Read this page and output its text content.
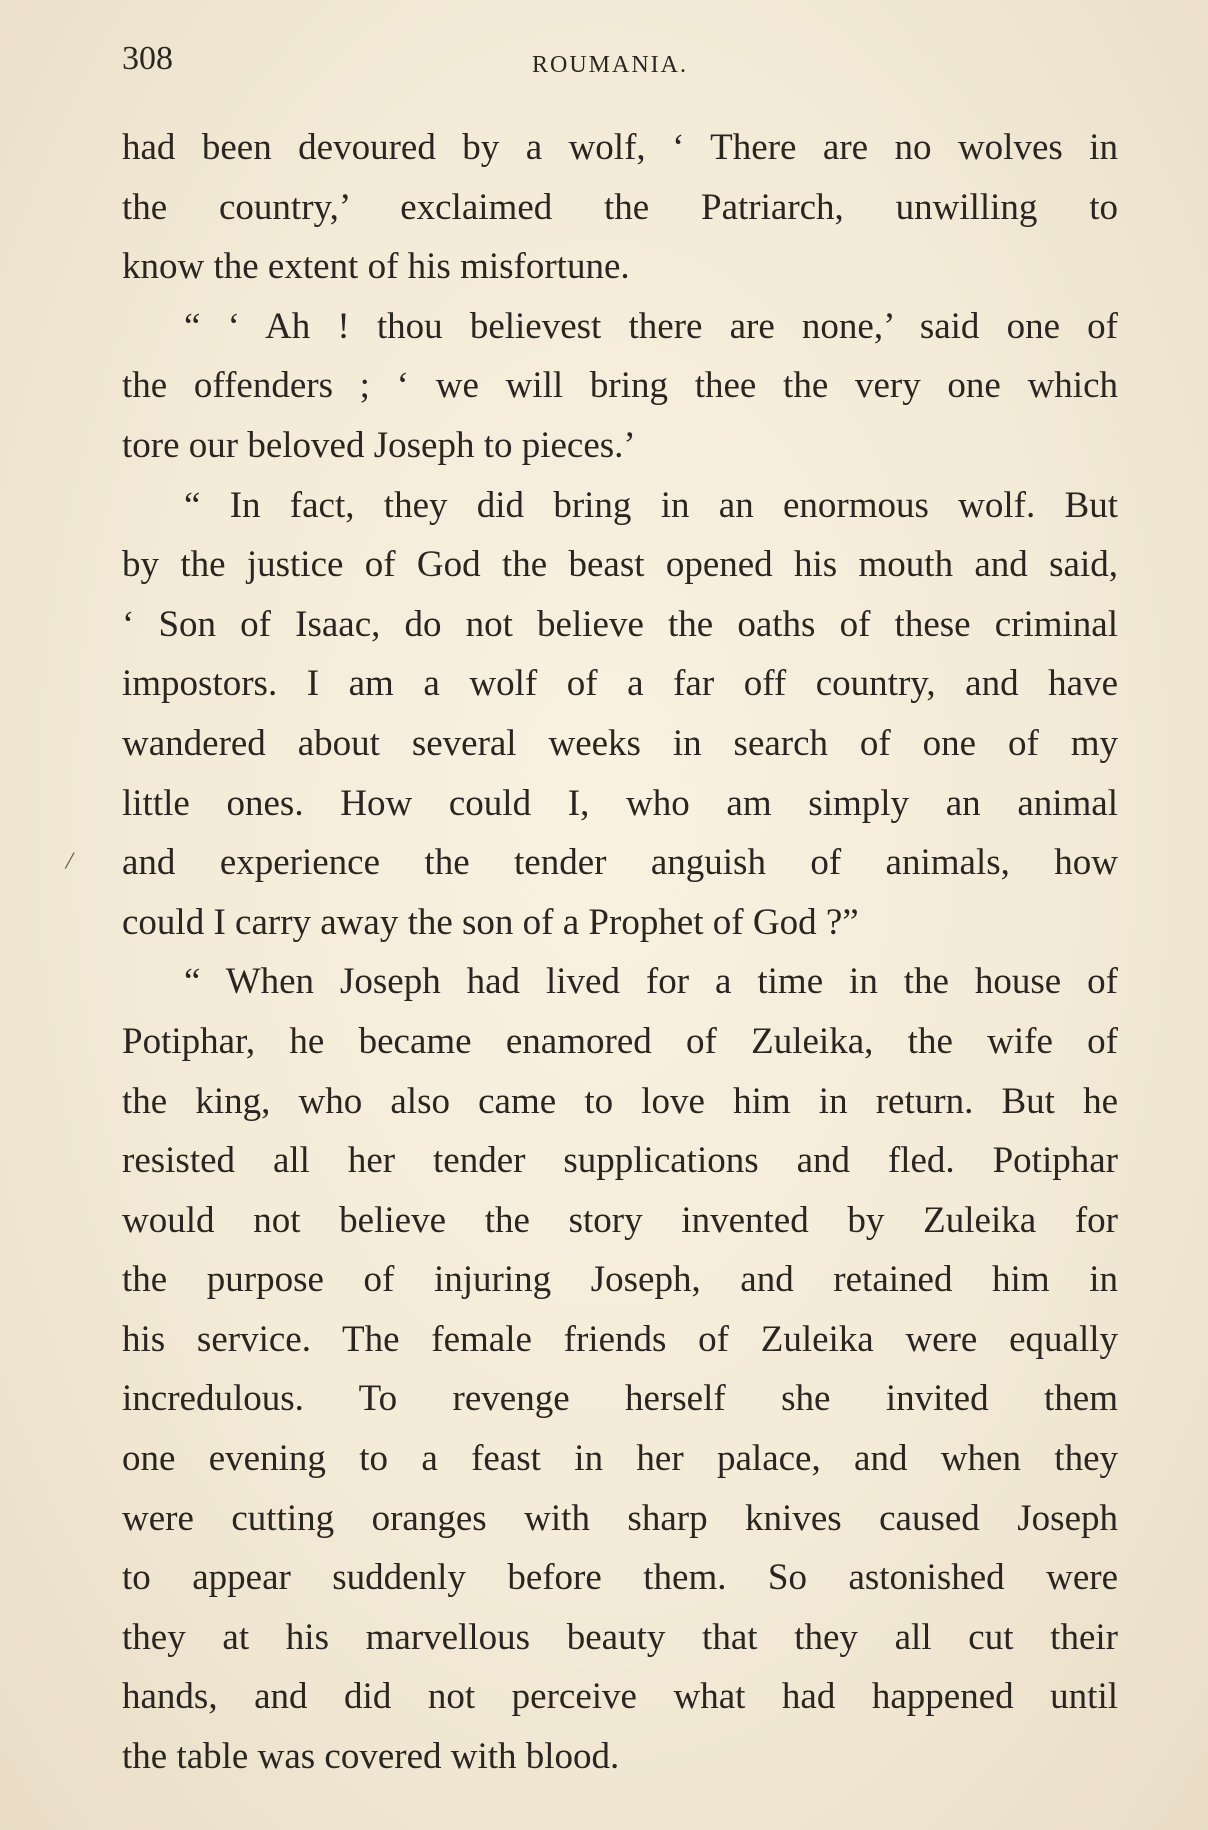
308	ROUMANIA.
/
had been devoured by a wolf, ‘ There are no wolves in
the country,’ exclaimed the Patriarch, unwilling to
know the extent of his misfortune.
“ ‘ Ah ! thou believest there are none,’ said one of
the offenders ; ‘ we will bring thee the very one which
tore our beloved Joseph to pieces.’
“ In fact, they did bring in an enormous wolf. But
by the justice of God the beast opened his mouth and said,
‘ Son of Isaac, do not believe the oaths of these criminal
impostors. I am a wolf of a far off country, and have
wandered about several weeks in search of one of my
little ones. How could I, who am simply an animal
and experience the tender anguish of animals, how
could I carry away the son of a Prophet of God ?”
“ When Joseph had lived for a time in the house of
Potiphar, he became enamored of Zuleika, the wife of
the king, who also came to love him in return. But he
resisted all her tender supplications and fled. Potiphar
would not believe the story invented by Zuleika for
the purpose of injuring Joseph, and retained him in
his service. The female friends of Zuleika were equally
incredulous. To revenge herself she invited them
one evening to a feast in her palace, and when they
were cutting oranges with sharp knives caused Joseph
to appear suddenly before them. So astonished were
they at his marvellous beauty that they all cut their
hands, and did not perceive what had happened until
the table was covered with blood.
